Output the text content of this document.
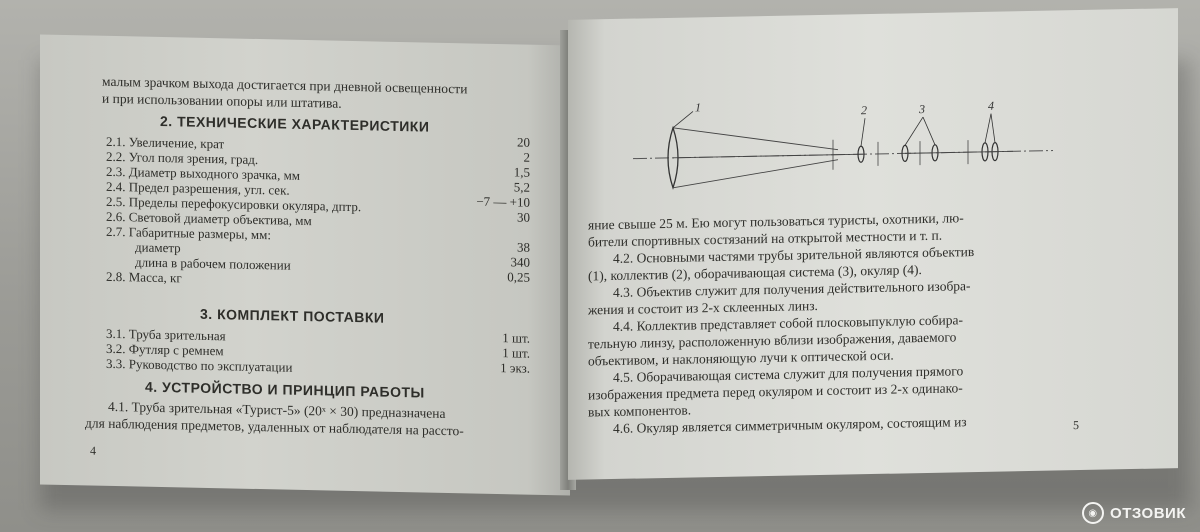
малым зрачком выхода достигается при дневной освещенности
и при использовании опоры или штатива.
2. ТЕХНИЧЕСКИЕ ХАРАКТЕРИСТИКИ
2.1. Увеличение, крат	20
2.2. Угол поля зрения, град.	2
2.3. Диаметр выходного зрачка, мм	1,5
2.4. Предел разрешения, угл. сек.	5,2
2.5. Пределы перефокусировки окуляра, дптр.	−7 — +10
2.6. Световой диаметр объектива, мм	30
2.7. Габаритные размеры, мм:
диаметр	38
длина в рабочем положении	340
2.8. Масса, кг	0,25
3. КОМПЛЕКТ ПОСТАВКИ
3.1. Труба зрительная	1 шт.
3.2. Футляр с ремнем	1 шт.
3.3. Руководство по эксплуатации	1 экз.
4. УСТРОЙСТВО И ПРИНЦИП РАБОТЫ
4.1. Труба зрительная «Турист-5» (20ˣ × 30) предназначена
для наблюдения предметов, удаленных от наблюдателя на рассто-
4
1	2	3	4
яние свыше 25 м. Ею могут пользоваться туристы, охотники, лю-
бители спортивных состязаний на открытой местности и т. п.
4.2. Основными частями трубы зрительной являются объектив
(1), коллектив (2), оборачивающая система (3), окуляр (4).
4.3. Объектив служит для получения действительного изобра-
жения и состоит из 2-х склеенных линз.
4.4. Коллектив представляет собой плосковыпуклую собира-
тельную линзу, расположенную вблизи изображения, даваемого
объективом, и наклоняющую лучи к оптической оси.
4.5. Оборачивающая система служит для получения прямого
изображения предмета перед окуляром и состоит из 2-х одинако-
вых компонентов.
4.6. Окуляр является симметричным окуляром, состоящим из	5
◉ ОТЗОВИК
